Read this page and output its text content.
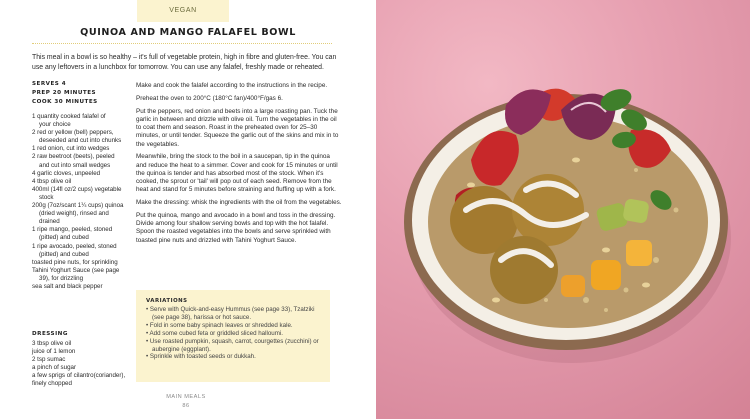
VEGAN
QUINOA AND MANGO FALAFEL BOWL
This meal in a bowl is so healthy – it's full of vegetable protein, high in fibre and gluten-free. You can
use any leftovers in a lunchbox for tomorrow. You can use any falafel, freshly made or reheated.
SERVES 4
PREP 20 MINUTES
COOK 30 MINUTES
1 quantity cooked falafel of
your choice
2 red or yellow (bell) peppers,
deseeded and cut into chunks
1 red onion, cut into wedges
2 raw beetroot (beets), peeled
and cut into small wedges
4 garlic cloves, unpeeled
4 tbsp olive oil
400ml (14fl oz/2 cups) vegetable
stock
200g (7oz/scant 1¼ cups) quinoa
(dried weight), rinsed and
drained
1 ripe mango, peeled, stoned
(pitted) and cubed
1 ripe avocado, peeled, stoned
(pitted) and cubed
toasted pine nuts, for sprinkling
Tahini Yoghurt Sauce (see page
39), for drizzling
sea salt and black pepper
DRESSING
3 tbsp olive oil
juice of 1 lemon
2 tsp sumac
a pinch of sugar
a few sprigs of cilantro(coriander), finely chopped

Make and cook the falafel according to the instructions in the recipe.

Preheat the oven to 200°C (180°C fan)/400°F/gas 6.

Put the peppers, red onion and beets into a large roasting pan. Tuck the garlic in between and drizzle with olive oil. Turn the vegetables in the oil to coat them and season. Roast in the preheated oven for 25–30 minutes, or until tender. Squeeze the garlic out of the skins and mix in to the vegetables.

Meanwhile, bring the stock to the boil in a saucepan, tip in the quinoa and reduce the heat to a simmer. Cover and cook for 15 minutes or until the quinoa is tender and has absorbed most of the stock. When it's cooked, the sprout or 'tail' will pop out of each seed. Remove from the heat and stand for 5 minutes before straining and fluffing up with a fork.

Make the dressing: whisk the ingredients with the oil from the vegetables.

Put the quinoa, mango and avocado in a bowl and toss in the dressing. Divide among four shallow serving bowls and top with the hot falafel. Spoon the roasted vegetables into the bowls and serve sprinkled with toasted pine nuts and drizzled with Tahini Yoghurt Sauce.

VARIATIONS
• Serve with Quick-and-easy Hummus (see page 33), Tzatziki (see page 38), harissa or hot sauce.
• Fold in some baby spinach leaves or shredded kale.
• Add some cubed feta or griddled sliced halloumi.
• Use roasted pumpkin, squash, carrot, courgettes (zucchini) or aubergine (eggplant).
• Sprinkle with toasted seeds or dukkah.
MAIN MEALS
86
